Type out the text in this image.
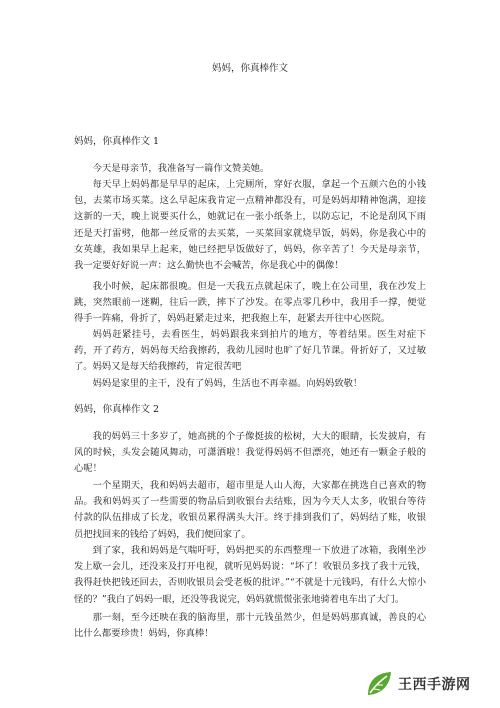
妈妈，你真棒作文
妈妈，你真棒作文 1

今天是母亲节，我准备写一篇作文赞美她。

每天早上妈妈都是早早的起床，上完厕所，穿好衣服，拿起一个五颜六色的小钱包，去菜市场买菜。这么早起床我肯定一点精神都没有，可是妈妈却精神饱满，迎接这新的一天，晚上说要买什么，她就记在一张小纸条上，以防忘记，不论是刮风下雨还是天打雷劈，他都一丝反常的去买菜，一买菜回家就烧早饭，妈妈，你是我心中的女英雄，我如果早上起来，她已经把早饭做好了，妈妈，你辛苦了！今天是母亲节，我一定要好好说一声：这么勤快也不会喊苦，你是我心中的偶像！

我小时候，起床都很晚。但是一天我五点就起床了，晚上在公司里，我在沙发上跳，突然眼前一迷糊，往后一跌，摔下了沙发。在零点零几秒中，我用手一撑，便觉得手一阵痛，骨折了，妈妈赶紧走过来，把我抱上车，赶紧去开往中心医院。

妈妈赶紧挂号，去看医生，妈妈跟我来到拍片的地方，等着结果。医生对症下药，开了药方，妈妈每天给我擦药，我幼儿园时也旷了好几节课。骨折好了，又过敏了。妈妈又是每天给我擦药，肯定很苦吧

妈妈是家里的主干，没有了妈妈，生活也不再幸福。向妈妈致敬！

妈妈，你真棒作文 2

我的妈妈三十多岁了，她高挑的个子像挺拔的松树，大大的眼睛，长发披肩，有风的时候，头发会随风舞动，可潇洒啦！我觉得妈妈不但漂亮，她还有一颗金子般的心呢！

一个星期天，我和妈妈去超市，超市里是人山人海，大家都在挑选自己喜欢的物品。我和妈妈买了一些需要的物品后到收银台去结账，因为今天人太多，收银台等待付款的队伍排成了长龙，收银员累得满头大汗。终于排到我们了，妈妈结了账，收银员把找回来的钱给了妈妈，我们便回家了。

到了家，我和妈妈是气喘吁吁，妈妈把买的东西整理一下放进了冰箱，我刚坐沙发上歇一会儿，还没来及打开电视，就听见妈妈说：“坏了！收银员多找了我十元钱，我得赶快把钱还回去，否则收银员会受老板的批评。”“不就是十元钱吗，有什么大惊小怪的？”我白了妈妈一眼，还没等我说完，妈妈就慌慌张张地骑着电车出了大门。

那一刻，至今还映在我的脑海里，那十元钱虽然少，但是妈妈那真诚，善良的心比什么都要珍贵！妈妈，你真棒！

王西手游网
